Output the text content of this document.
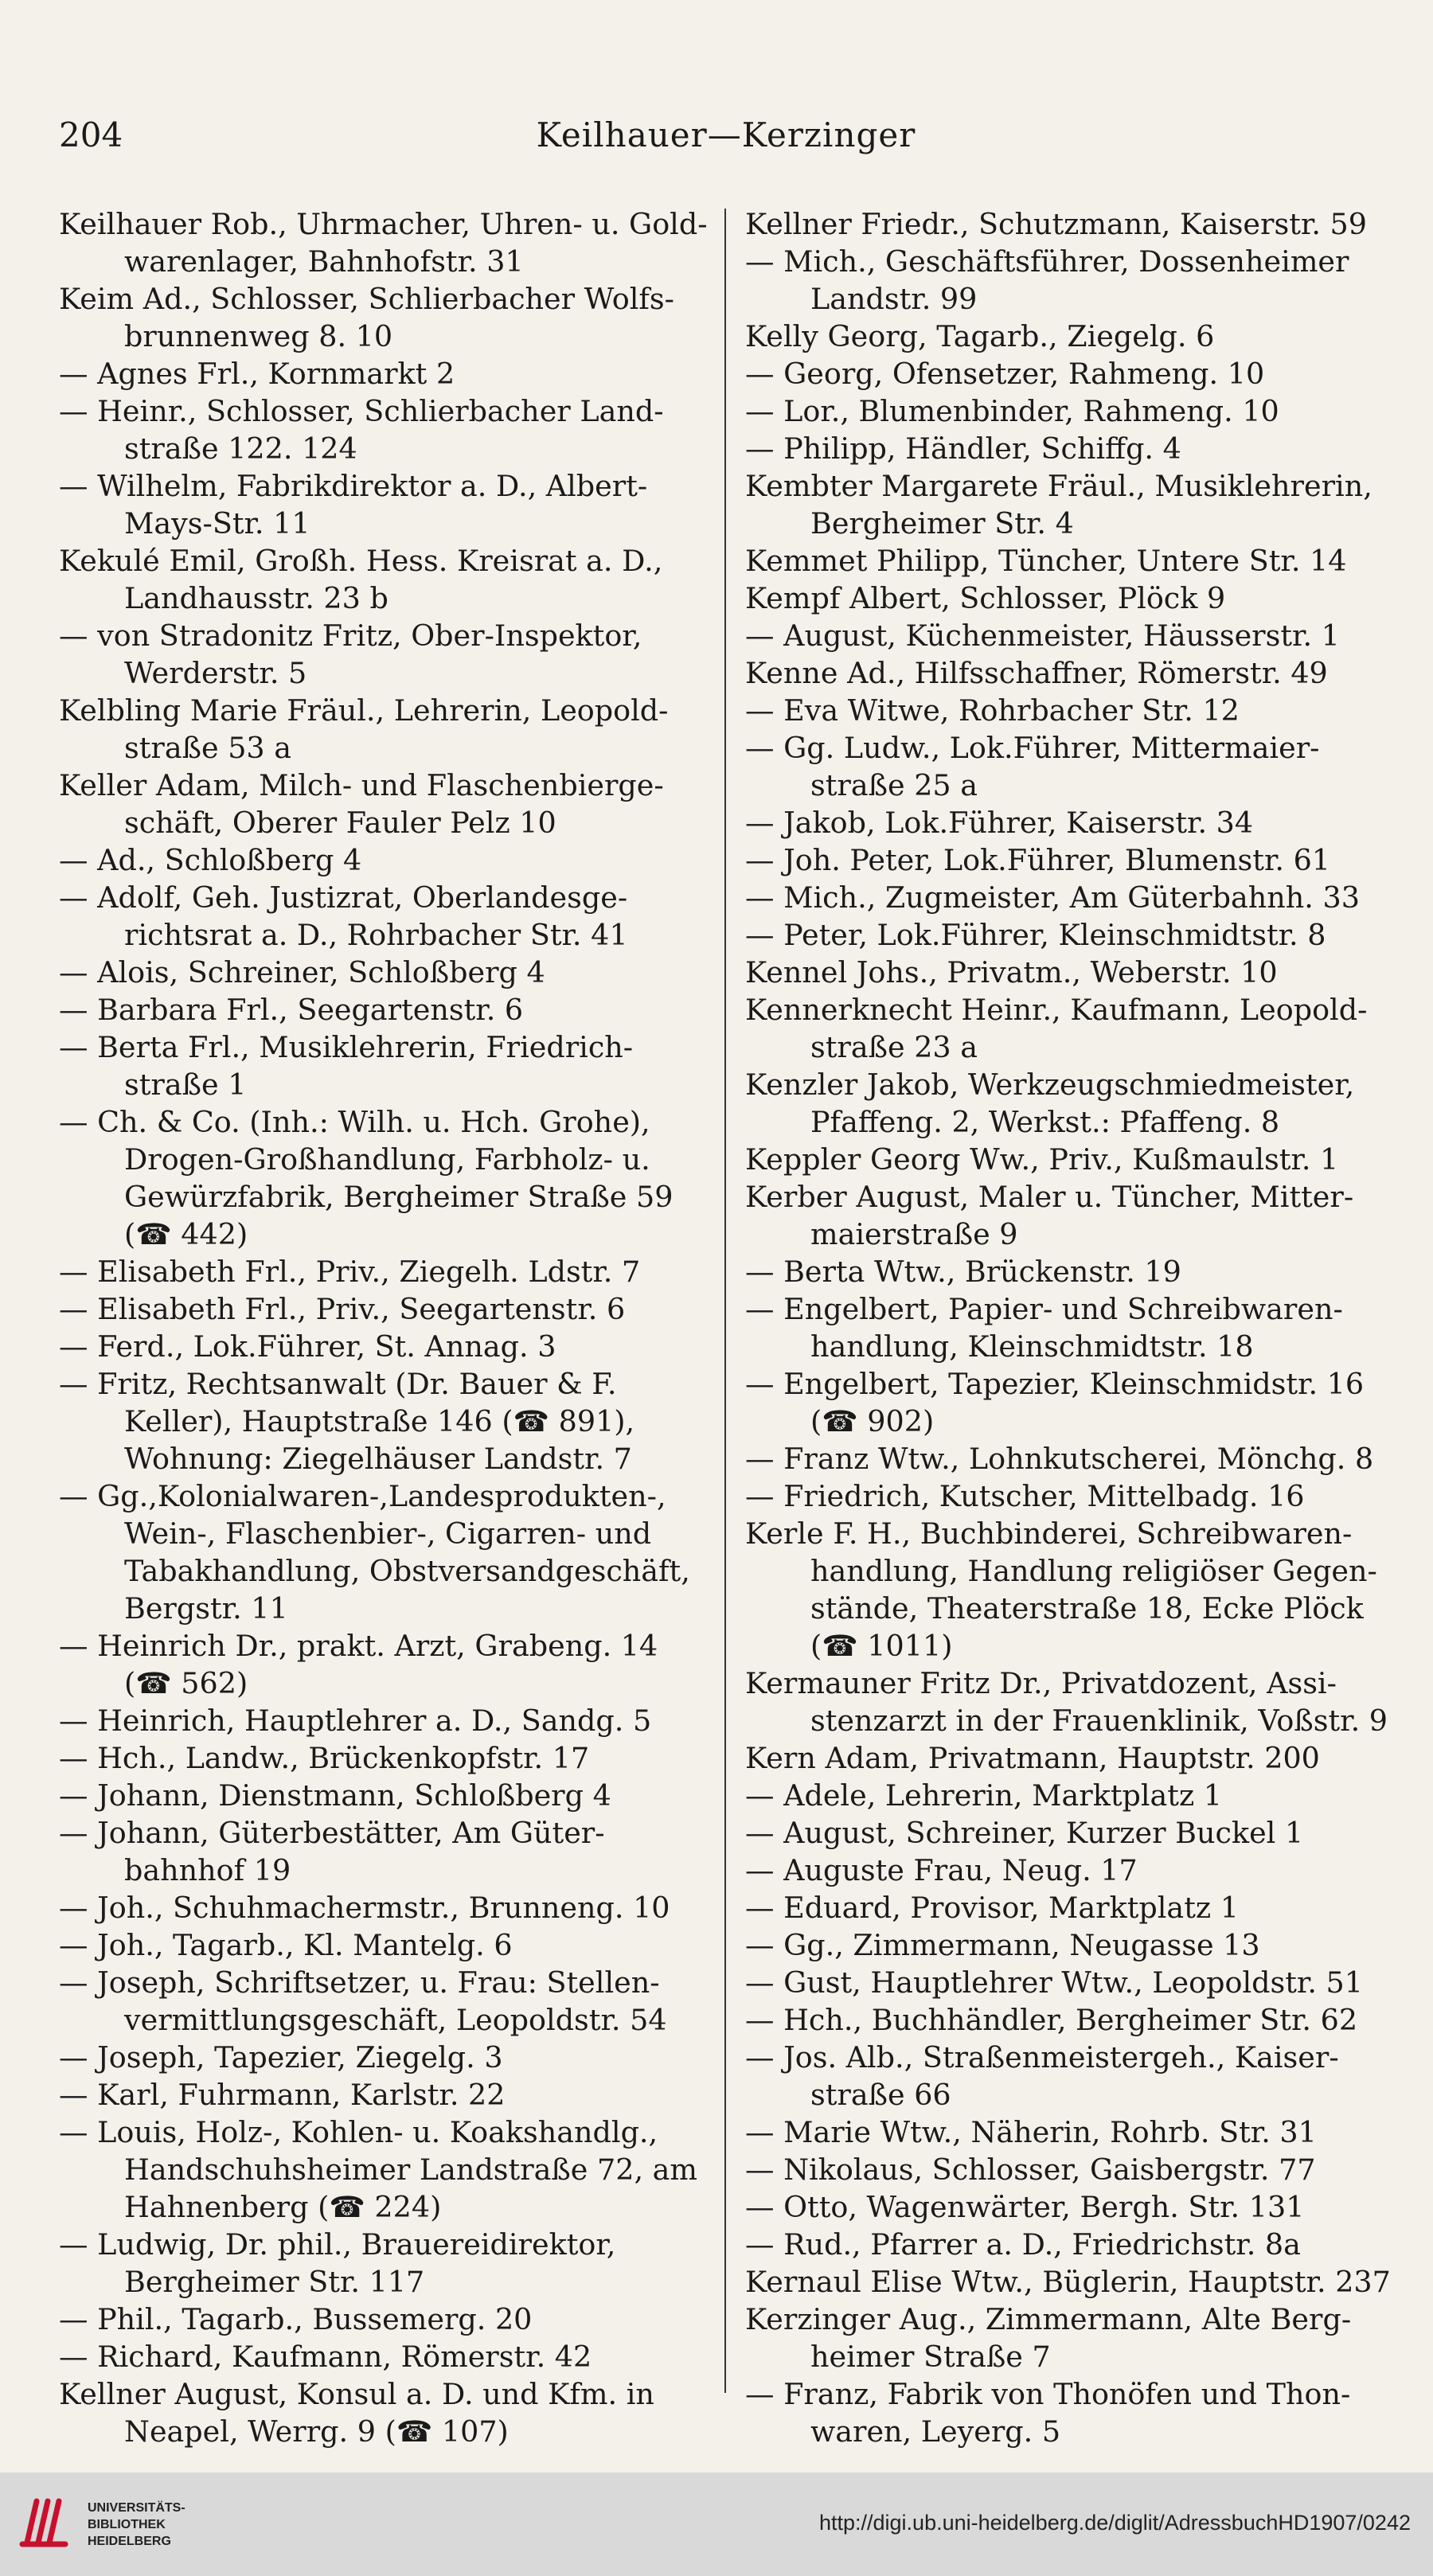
204	Keilhauer—Kerzinger
Keilhauer Rob., Uhrmacher, Uhren- u. Gold-
warenlager, Bahnhofstr. 31
Keim Ad., Schlosser, Schlierbacher Wolfs-
brunnenweg 8. 10
— Agnes Frl., Kornmarkt 2
— Heinr., Schlosser, Schlierbacher Land-
straße 122. 124
— Wilhelm, Fabrikdirektor a. D., Albert-
Mays-Str. 11
Kekulé Emil, Großh. Hess. Kreisrat a. D.,
Landhausstr. 23 b
— von Stradonitz Fritz, Ober-Inspektor,
Werderstr. 5
Kelbling Marie Fräul., Lehrerin, Leopold-
straße 53 a
Keller Adam, Milch- und Flaschenbierge-
schäft, Oberer Fauler Pelz 10
— Ad., Schloßberg 4
— Adolf, Geh. Justizrat, Oberlandesge-
richtsrat a. D., Rohrbacher Str. 41
— Alois, Schreiner, Schloßberg 4
— Barbara Frl., Seegartenstr. 6
— Berta Frl., Musiklehrerin, Friedrich-
straße 1
— Ch. & Co. (Inh.: Wilh. u. Hch. Grohe),
Drogen-Großhandlung, Farbholz- u.
Gewürzfabrik, Bergheimer Straße 59
(☎ 442)
— Elisabeth Frl., Priv., Ziegelh. Ldstr. 7
— Elisabeth Frl., Priv., Seegartenstr. 6
— Ferd., Lok.Führer, St. Annag. 3
— Fritz, Rechtsanwalt (Dr. Bauer & F.
Keller), Hauptstraße 146 (☎ 891),
Wohnung: Ziegelhäuser Landstr. 7
— Gg.,Kolonialwaren-,Landesprodukten-,
Wein-, Flaschenbier-, Cigarren- und
Tabakhandlung, Obstversandgeschäft,
Bergstr. 11
— Heinrich Dr., prakt. Arzt, Grabeng. 14
(☎ 562)
— Heinrich, Hauptlehrer a. D., Sandg. 5
— Hch., Landw., Brückenkopfstr. 17
— Johann, Dienstmann, Schloßberg 4
— Johann, Güterbestätter, Am Güter-
bahnhof 19
— Joh., Schuhmachermstr., Brunneng. 10
— Joh., Tagarb., Kl. Mantelg. 6
— Joseph, Schriftsetzer, u. Frau: Stellen-
vermittlungsgeschäft, Leopoldstr. 54
— Joseph, Tapezier, Ziegelg. 3
— Karl, Fuhrmann, Karlstr. 22
— Louis, Holz-, Kohlen- u. Koakshandlg.,
Handschuhsheimer Landstraße 72, am
Hahnenberg (☎ 224)
— Ludwig, Dr. phil., Brauereidirektor,
Bergheimer Str. 117
— Phil., Tagarb., Bussemerg. 20
— Richard, Kaufmann, Römerstr. 42
Kellner August, Konsul a. D. und Kfm. in
Neapel, Werrg. 9 (☎ 107)
Kellner Friedr., Schutzmann, Kaiserstr. 59
— Mich., Geschäftsführer, Dossenheimer
Landstr. 99
Kelly Georg, Tagarb., Ziegelg. 6
— Georg, Ofensetzer, Rahmeng. 10
— Lor., Blumenbinder, Rahmeng. 10
— Philipp, Händler, Schiffg. 4
Kembter Margarete Fräul., Musiklehrerin,
Bergheimer Str. 4
Kemmet Philipp, Tüncher, Untere Str. 14
Kempf Albert, Schlosser, Plöck 9
— August, Küchenmeister, Häusserstr. 1
Kenne Ad., Hilfsschaffner, Römerstr. 49
— Eva Witwe, Rohrbacher Str. 12
— Gg. Ludw., Lok.Führer, Mittermaier-
straße 25 a
— Jakob, Lok.Führer, Kaiserstr. 34
— Joh. Peter, Lok.Führer, Blumenstr. 61
— Mich., Zugmeister, Am Güterbahnh. 33
— Peter, Lok.Führer, Kleinschmidtstr. 8
Kennel Johs., Privatm., Weberstr. 10
Kennerknecht Heinr., Kaufmann, Leopold-
straße 23 a
Kenzler Jakob, Werkzeugschmiedmeister,
Pfaffeng. 2, Werkst.: Pfaffeng. 8
Keppler Georg Ww., Priv., Kußmaulstr. 1
Kerber August, Maler u. Tüncher, Mitter-
maierstraße 9
— Berta Wtw., Brückenstr. 19
— Engelbert, Papier- und Schreibwaren-
handlung, Kleinschmidtstr. 18
— Engelbert, Tapezier, Kleinschmidstr. 16
(☎ 902)
— Franz Wtw., Lohnkutscherei, Mönchg. 8
— Friedrich, Kutscher, Mittelbadg. 16
Kerle F. H., Buchbinderei, Schreibwaren-
handlung, Handlung religiöser Gegen-
stände, Theaterstraße 18, Ecke Plöck
(☎ 1011)
Kermauner Fritz Dr., Privatdozent, Assi-
stenzarzt in der Frauenklinik, Voßstr. 9
Kern Adam, Privatmann, Hauptstr. 200
— Adele, Lehrerin, Marktplatz 1
— August, Schreiner, Kurzer Buckel 1
— Auguste Frau, Neug. 17
— Eduard, Provisor, Marktplatz 1
— Gg., Zimmermann, Neugasse 13
— Gust, Hauptlehrer Wtw., Leopoldstr. 51
— Hch., Buchhändler, Bergheimer Str. 62
— Jos. Alb., Straßenmeistergeh., Kaiser-
straße 66
— Marie Wtw., Näherin, Rohrb. Str. 31
— Nikolaus, Schlosser, Gaisbergstr. 77
— Otto, Wagenwärter, Bergh. Str. 131
— Rud., Pfarrer a. D., Friedrichstr. 8a
Kernaul Elise Wtw., Büglerin, Hauptstr. 237
Kerzinger Aug., Zimmermann, Alte Berg-
heimer Straße 7
— Franz, Fabrik von Thonöfen und Thon-
waren, Leyerg. 5
UNIVERSITÄTS-
BIBLIOTHEK
HEIDELBERG
http://digi.ub.uni-heidelberg.de/diglit/AdressbuchHD1907/0242
